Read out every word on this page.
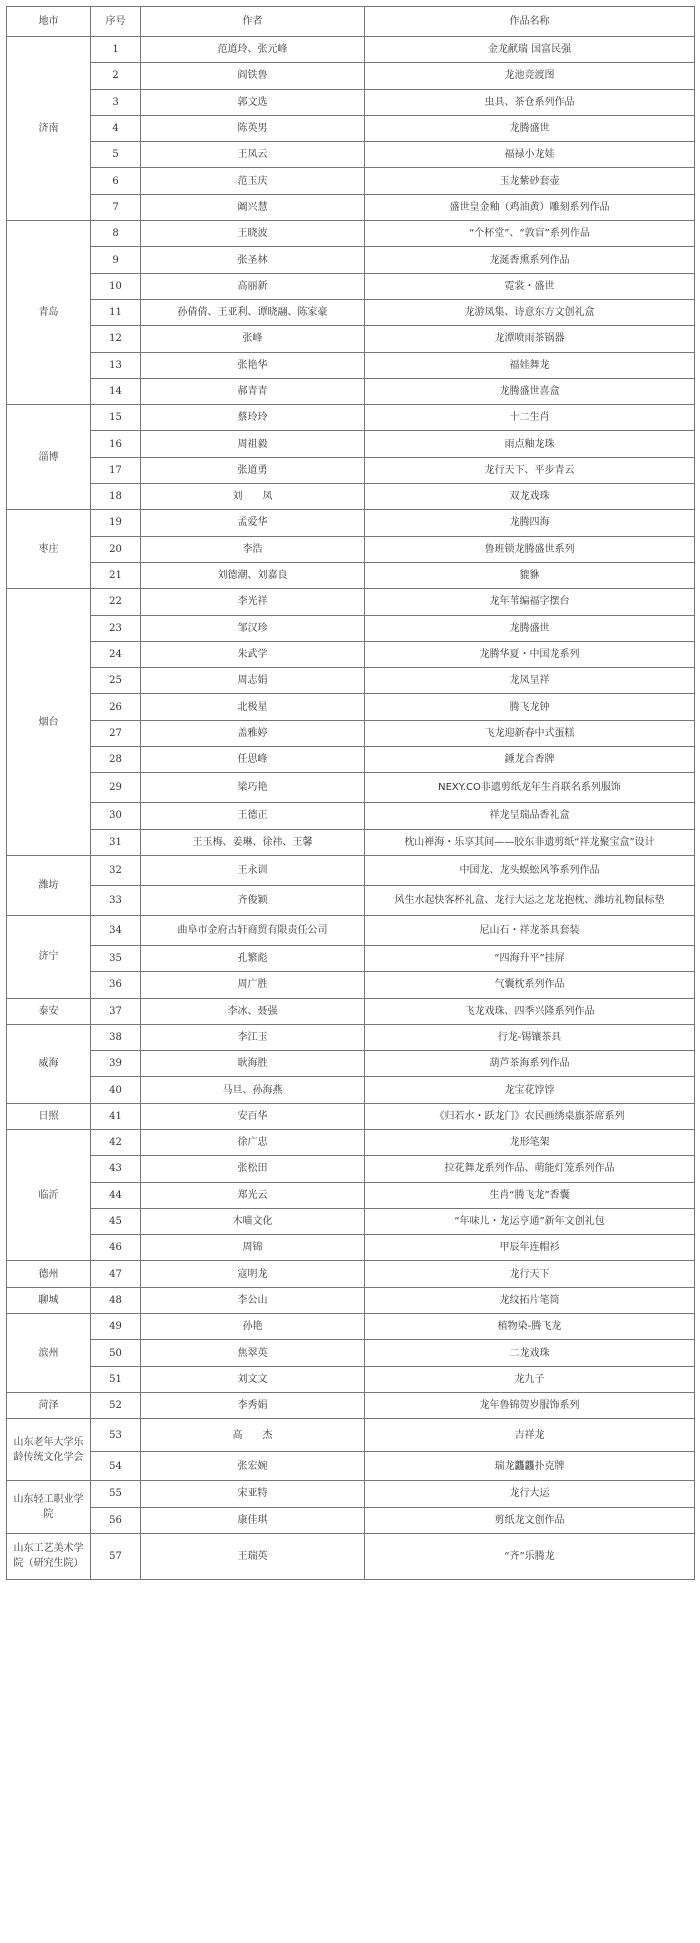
地市	序号	作者	作品名称
济南	1	范道玲、张元峰	金龙献瑞 国富民强
	2	阎铁鲁	龙池竞渡图
	3	郭文选	虫具、茶仓系列作品
	4	陈英男	龙腾盛世
	5	王凤云	福禄小龙娃
	6	范玉庆	玉龙紫砂套壶
	7	阚兴慧	盛世皇金釉（鸡油黄）雕刻系列作品
青岛	8	王晓波	“个杯堂”、“敦盲”系列作品
	9	张圣林	龙涎香熏系列作品
	10	高丽新	霓裳・盛世
	11	孙倩倩、王亚利、谭晓翮、陈家豪	龙游凤集、诗意东方文创礼盒
	12	张峰	龙潭喷雨茶锅器
	13	张艳华	福娃舞龙
	14	郝青青	龙腾盛世喜盒
淄博	15	蔡玲玲	十二生肖
	16	周祖毅	雨点釉龙珠
	17	张道勇	龙行天下、平步青云
	18	刘　　凤	双龙戏珠
枣庄	19	孟爱华	龙腾四海
	20	李浩	鲁班锁龙腾盛世系列
	21	刘德潮、刘嘉良	貔貅
烟台	22	李光祥	龙年苇编福字摆台
	23	邹汉珍	龙腾盛世
	24	朱武学	龙腾华夏・中国龙系列
	25	周志娟	龙凤呈祥
	26	北极星	腾飞龙钟
	27	盖雅婷	飞龙迎新春中式蛋糕
	28	任思峰	錘龙合香牌
	29	梁巧艳	NEXY.CO非遗剪纸龙年生肖联名系列服饰
	30	王德正	祥龙呈瑞品香礼盒
	31	王玉梅、姜琳、徐祎、王馨	枕山禅海・乐享其间——胶东非遗剪纸“祥龙聚宝盒”设计
潍坊	32	王永训	中国龙、龙头蜈蚣风筝系列作品
	33	齐俊颖	风生水起快客杯礼盒、龙行大运之龙龙抱枕、潍坊礼物鼠标垫
济宁	34	曲阜市金府古轩商贸有限责任公司	尼山石・祥龙茶具套装
	35	孔繁彪	“四海升平”挂屏
	36	周广胜	气囊枕系列作品
泰安	37	李冰、聂强	飞龙戏珠、四季兴隆系列作品
威海	38	李江玉	行龙-锡镶茶具
	39	耿海胜	葫芦茶海系列作品
	40	马旦、孙海燕	龙宝花饽饽
日照	41	安百华	《归若水・跃龙门》农民画绣桌旗茶席系列
临沂	42	徐广忠	龙形笔架
	43	张松田	拉花舞龙系列作品、萌能灯笼系列作品
	44	郑光云	生肖“腾飞龙”香囊
	45	木喵文化	“年味儿・龙运亨通”新年文创礼包
	46	周锦	甲辰年连帽衫
德州	47	寇明龙	龙行天下
聊城	48	李公山	龙纹拓片笔筒
滨州	49	孙艳	植物染-腾飞龙
	50	焦翠英	二龙戏珠
	51	刘文文	龙九子
菏泽	52	李秀娟	龙年鲁锦贺岁服饰系列
山东老年大学乐龄传统文化学会	53	高　　杰	吉祥龙
	54	张宏婉	瑞龙龘龘扑克牌
山东轻工职业学院	55	宋亚特	龙行大运
	56	康佳琪	剪纸龙文创作品
山东工艺美术学院（研究生院）	57	王瑞英	“齐”乐腾龙
